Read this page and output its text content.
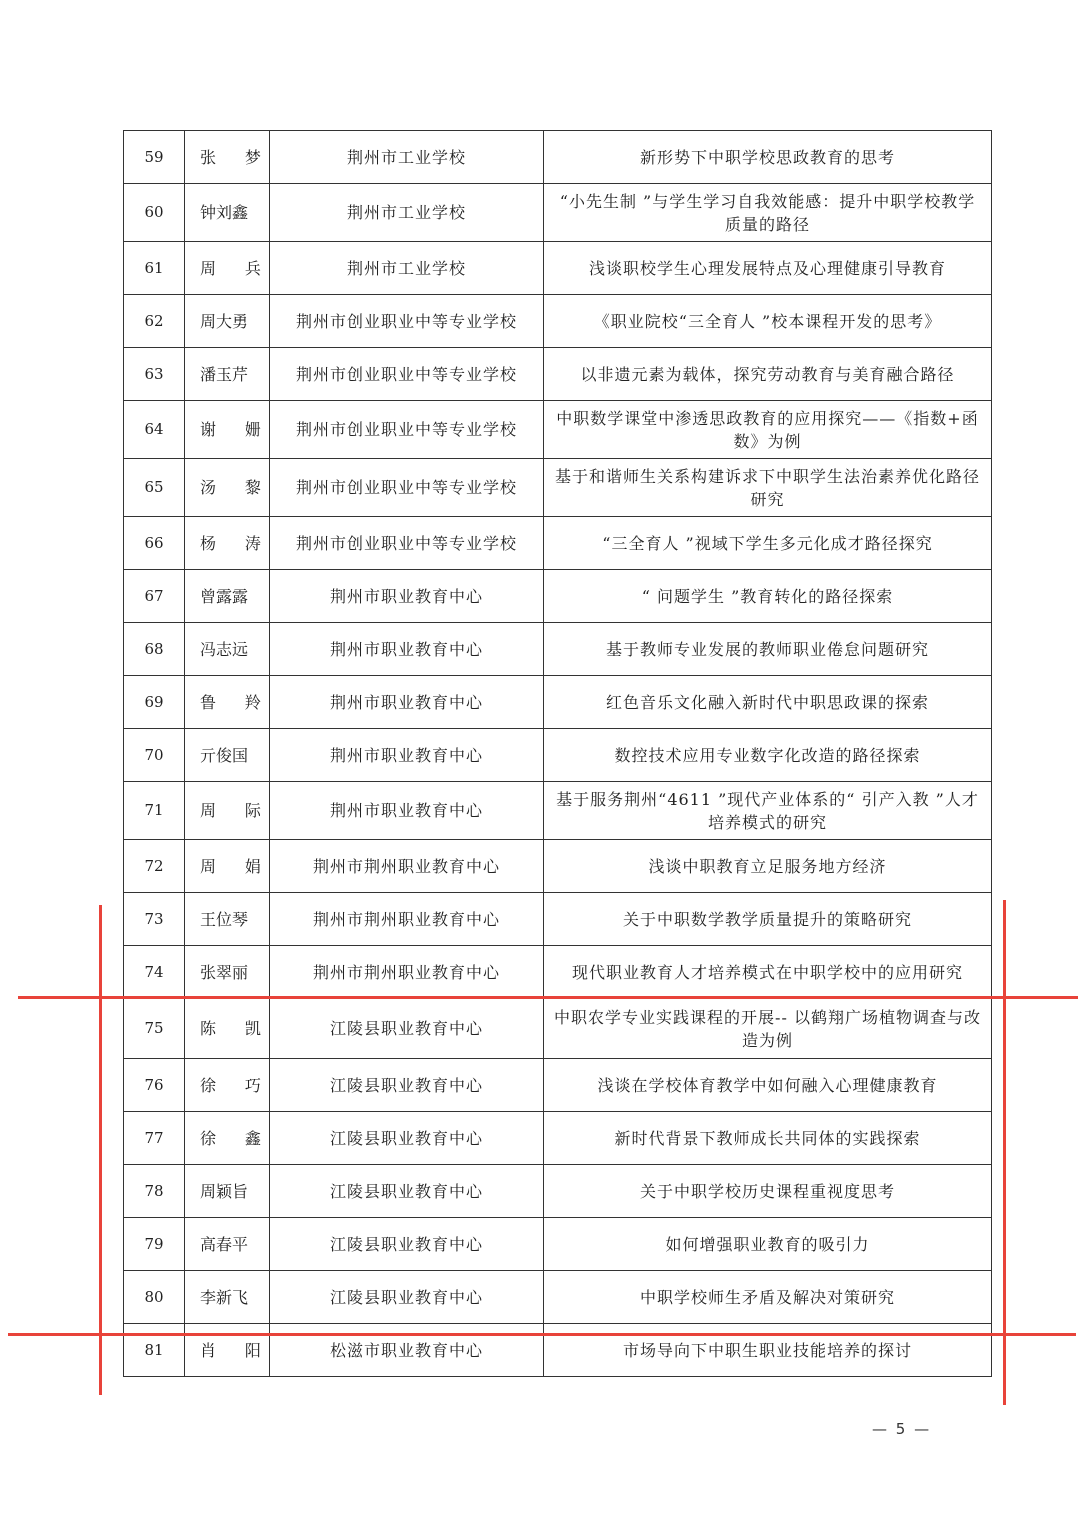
59	张 梦	荆州市工业学校	新形势下中职学校思政教育的思考
60	钟刘鑫	荆州市工业学校	“小先生制 ”与学生学习自我效能感：提升中职学校教学质量的路径
61	周 兵	荆州市工业学校	浅谈职校学生心理发展特点及心理健康引导教育
62	周大勇	荆州市创业职业中等专业学校	《职业院校“三全育人 ”校本课程开发的思考》
63	潘玉芹	荆州市创业职业中等专业学校	以非遗元素为载体，探究劳动教育与美育融合路径
64	谢 姗	荆州市创业职业中等专业学校	中职数学课堂中渗透思政教育的应用探究——《指数+函数》为例
65	汤 黎	荆州市创业职业中等专业学校	基于和谐师生关系构建诉求下中职学生法治素养优化路径研究
66	杨 涛	荆州市创业职业中等专业学校	“三全育人 ”视域下学生多元化成才路径探究
67	曾露露	荆州市职业教育中心	“ 问题学生 ”教育转化的路径探索
68	冯志远	荆州市职业教育中心	基于教师专业发展的教师职业倦怠问题研究
69	鲁 羚	荆州市职业教育中心	红色音乐文化融入新时代中职思政课的探索
70	亓俊国	荆州市职业教育中心	数控技术应用专业数字化改造的路径探索
71	周 际	荆州市职业教育中心	基于服务荆州“4611 ”现代产业体系的“ 引产入教 ”人才培养模式的研究
72	周 娟	荆州市荆州职业教育中心	浅谈中职教育立足服务地方经济
73	王位琴	荆州市荆州职业教育中心	关于中职数学教学质量提升的策略研究
74	张翠丽	荆州市荆州职业教育中心	现代职业教育人才培养模式在中职学校中的应用研究
75	陈 凯	江陵县职业教育中心	中职农学专业实践课程的开展-- 以鹤翔广场植物调查与改造为例
76	徐 巧	江陵县职业教育中心	浅谈在学校体育教学中如何融入心理健康教育
77	徐 鑫	江陵县职业教育中心	新时代背景下教师成长共同体的实践探索
78	周颖旨	江陵县职业教育中心	关于中职学校历史课程重视度思考
79	高春平	江陵县职业教育中心	如何增强职业教育的吸引力
80	李新飞	江陵县职业教育中心	中职学校师生矛盾及解决对策研究
81	肖 阳	松滋市职业教育中心	市场导向下中职生职业技能培养的探讨
— 5 —
